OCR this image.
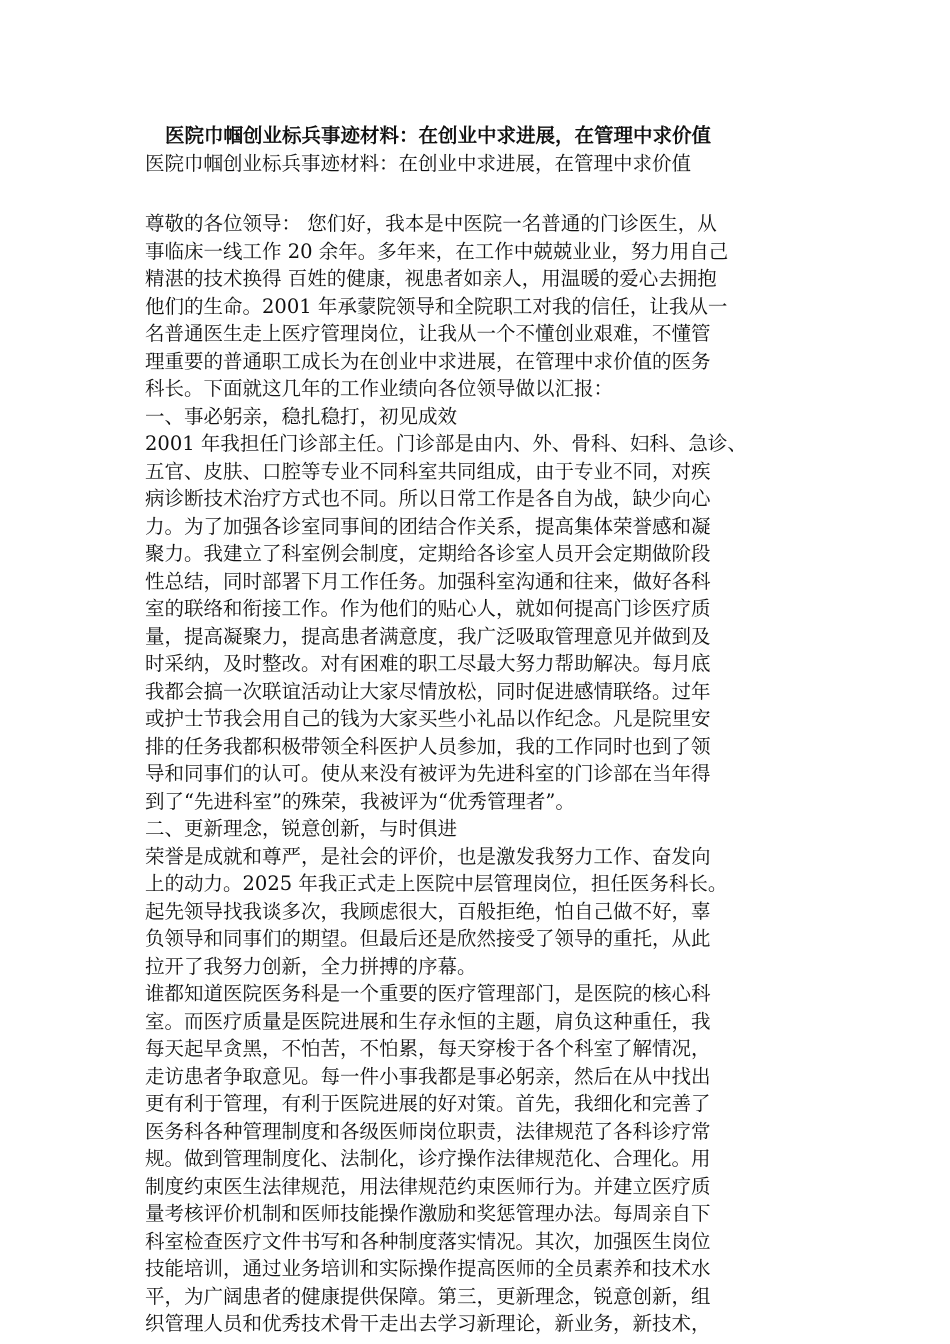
医院巾帼创业标兵事迹材料：在创业中求进展，在管理中求价值
医院巾帼创业标兵事迹材料：在创业中求进展，在管理中求价值
尊敬的各位领导： 您们好，我本是中医院一名普通的门诊医生，从
事临床一线工作 20 余年。多年来，在工作中兢兢业业，努力用自己
精湛的技术换得 百姓的健康，视患者如亲人，用温暖的爱心去拥抱
他们的生命。2001 年承蒙院领导和全院职工对我的信任，让我从一
名普通医生走上医疗管理岗位，让我从一个不懂创业艰难，不懂管
理重要的普通职工成长为在创业中求进展，在管理中求价值的医务
科长。下面就这几年的工作业绩向各位领导做以汇报：
一、事必躬亲，稳扎稳打，初见成效
2001 年我担任门诊部主任。门诊部是由内、外、骨科、妇科、急诊、
五官、皮肤、口腔等专业不同科室共同组成，由于专业不同，对疾
病诊断技术治疗方式也不同。所以日常工作是各自为战，缺少向心
力。为了加强各诊室同事间的团结合作关系，提高集体荣誉感和凝
聚力。我建立了科室例会制度，定期给各诊室人员开会定期做阶段
性总结，同时部署下月工作任务。加强科室沟通和往来，做好各科
室的联络和衔接工作。作为他们的贴心人，就如何提高门诊医疗质
量，提高凝聚力，提高患者满意度，我广泛吸取管理意见并做到及
时采纳，及时整改。对有困难的职工尽最大努力帮助解决。每月底
我都会搞一次联谊活动让大家尽情放松，同时促进感情联络。过年
或护士节我会用自己的钱为大家买些小礼品以作纪念。凡是院里安
排的任务我都积极带领全科医护人员参加，我的工作同时也到了领
导和同事们的认可。使从来没有被评为先进科室的门诊部在当年得
到了“先进科室”的殊荣，我被评为“优秀管理者”。
二、更新理念，锐意创新，与时俱进
荣誉是成就和尊严，是社会的评价，也是激发我努力工作、奋发向
上的动力。2025 年我正式走上医院中层管理岗位，担任医务科长。
起先领导找我谈多次，我顾虑很大，百般拒绝，怕自己做不好，辜
负领导和同事们的期望。但最后还是欣然接受了领导的重托，从此
拉开了我努力创新，全力拼搏的序幕。
谁都知道医院医务科是一个重要的医疗管理部门，是医院的核心科
室。而医疗质量是医院进展和生存永恒的主题，肩负这种重任，我
每天起早贪黑，不怕苦，不怕累，每天穿梭于各个科室了解情况，
走访患者争取意见。每一件小事我都是事必躬亲，然后在从中找出
更有利于管理，有利于医院进展的好对策。首先，我细化和完善了
医务科各种管理制度和各级医师岗位职责，法律规范了各科诊疗常
规。做到管理制度化、法制化，诊疗操作法律规范化、合理化。用
制度约束医生法律规范，用法律规范约束医师行为。并建立医疗质
量考核评价机制和医师技能操作激励和奖惩管理办法。每周亲自下
科室检查医疗文件书写和各种制度落实情况。其次，加强医生岗位
技能培训，通过业务培训和实际操作提高医师的全员素养和技术水
平，为广阔患者的健康提供保障。第三，更新理念，锐意创新，组
织管理人员和优秀技术骨干走出去学习新理论，新业务，新技术，
